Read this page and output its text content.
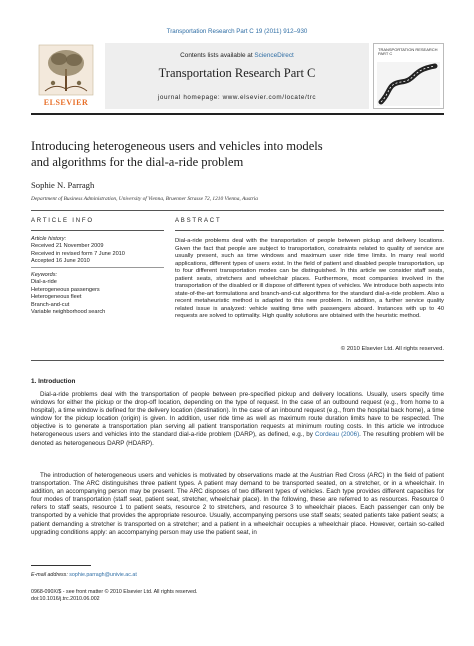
Transportation Research Part C 19 (2011) 912–930
ELSEVIER
Contents lists available at ScienceDirect
Transportation Research Part C
journal homepage: www.elsevier.com/locate/trc
TRANSPORTATION RESEARCH PART C
Introducing heterogeneous users and vehicles into models
and algorithms for the dial-a-ride problem
Sophie N. Parragh
Department of Business Administration, University of Vienna, Bruenner Strasse 72, 1210 Vienna, Austria
ARTICLE INFO	ABSTRACT
Article history:
Received 21 November 2009
Received in revised form 7 June 2010
Accepted 16 June 2010
Keywords:
Dial-a-ride
Heterogeneous passengers
Heterogeneous fleet
Branch-and-cut
Variable neighborhood search
Dial-a-ride problems deal with the transportation of people between pickup and delivery locations. Given the fact that people are subject to transportation, constraints related to quality of service are usually present, such as time windows and maximum user ride time limits. In many real world applications, different types of users exist. In the field of patient and disabled people transportation, up to four different transportation modes can be distinguished. In this article we consider staff seats, patient seats, stretchers and wheelchair places. Furthermore, most companies involved in the transportation of the disabled or ill dispose of different types of vehicles. We introduce both aspects into state-of-the-art formulations and branch-and-cut algorithms for the standard dial-a-ride problem. Also a recent metaheuristic method is adapted to this new problem. In addition, a further service quality related issue is analyzed: vehicle waiting time with passengers aboard. Instances with up to 40 requests are solved to optimality. High quality solutions are obtained with the heuristic method.
© 2010 Elsevier Ltd. All rights reserved.
1. Introduction
Dial-a-ride problems deal with the transportation of people between pre-specified pickup and delivery locations. Usually, users specify time windows for either the pickup or the drop-off location, depending on the type of request. In the case of an outbound request (e.g., from home to a hospital), a time window is defined for the delivery location (destination). In the case of an inbound request (e.g., from the hospital back home), a time window for the pickup location (origin) is given. In addition, user ride time as well as maximum route duration limits have to be respected. The objective is to generate a transportation plan serving all patient transportation requests at minimum routing costs. In this article we introduce heterogeneous users and vehicles into the standard dial-a-ride problem (DARP), as defined, e.g., by Cordeau (2006). The resulting problem will be denoted as heterogeneous DARP (HDARP).
The introduction of heterogeneous users and vehicles is motivated by observations made at the Austrian Red Cross (ARC) in the field of patient transportation. The ARC distinguishes three patient types. A patient may demand to be transported seated, on a stretcher, or in a wheelchair. In addition, an accompanying person may be present. The ARC disposes of two different types of vehicles. Each type provides different capacities for four modes of transportation (staff seat, patient seat, stretcher, wheelchair place). In the following, these are referred to as resources. Resource 0 refers to staff seats, resource 1 to patient seats, resource 2 to stretchers, and resource 3 to wheelchair places. Each passenger can only be transported by a vehicle that provides the appropriate resource. Usually, accompanying persons use staff seats; seated patients take patient seats; a patient demanding a stretcher is transported on a stretcher; and a patient in a wheelchair occupies a wheelchair place. However, certain so-called upgrading conditions apply: an accompanying person may use the patient seat, in
E-mail address: sophie.parragh@univie.ac.at
0968-090X/$ - see front matter © 2010 Elsevier Ltd. All rights reserved.
doi:10.1016/j.trc.2010.06.002
